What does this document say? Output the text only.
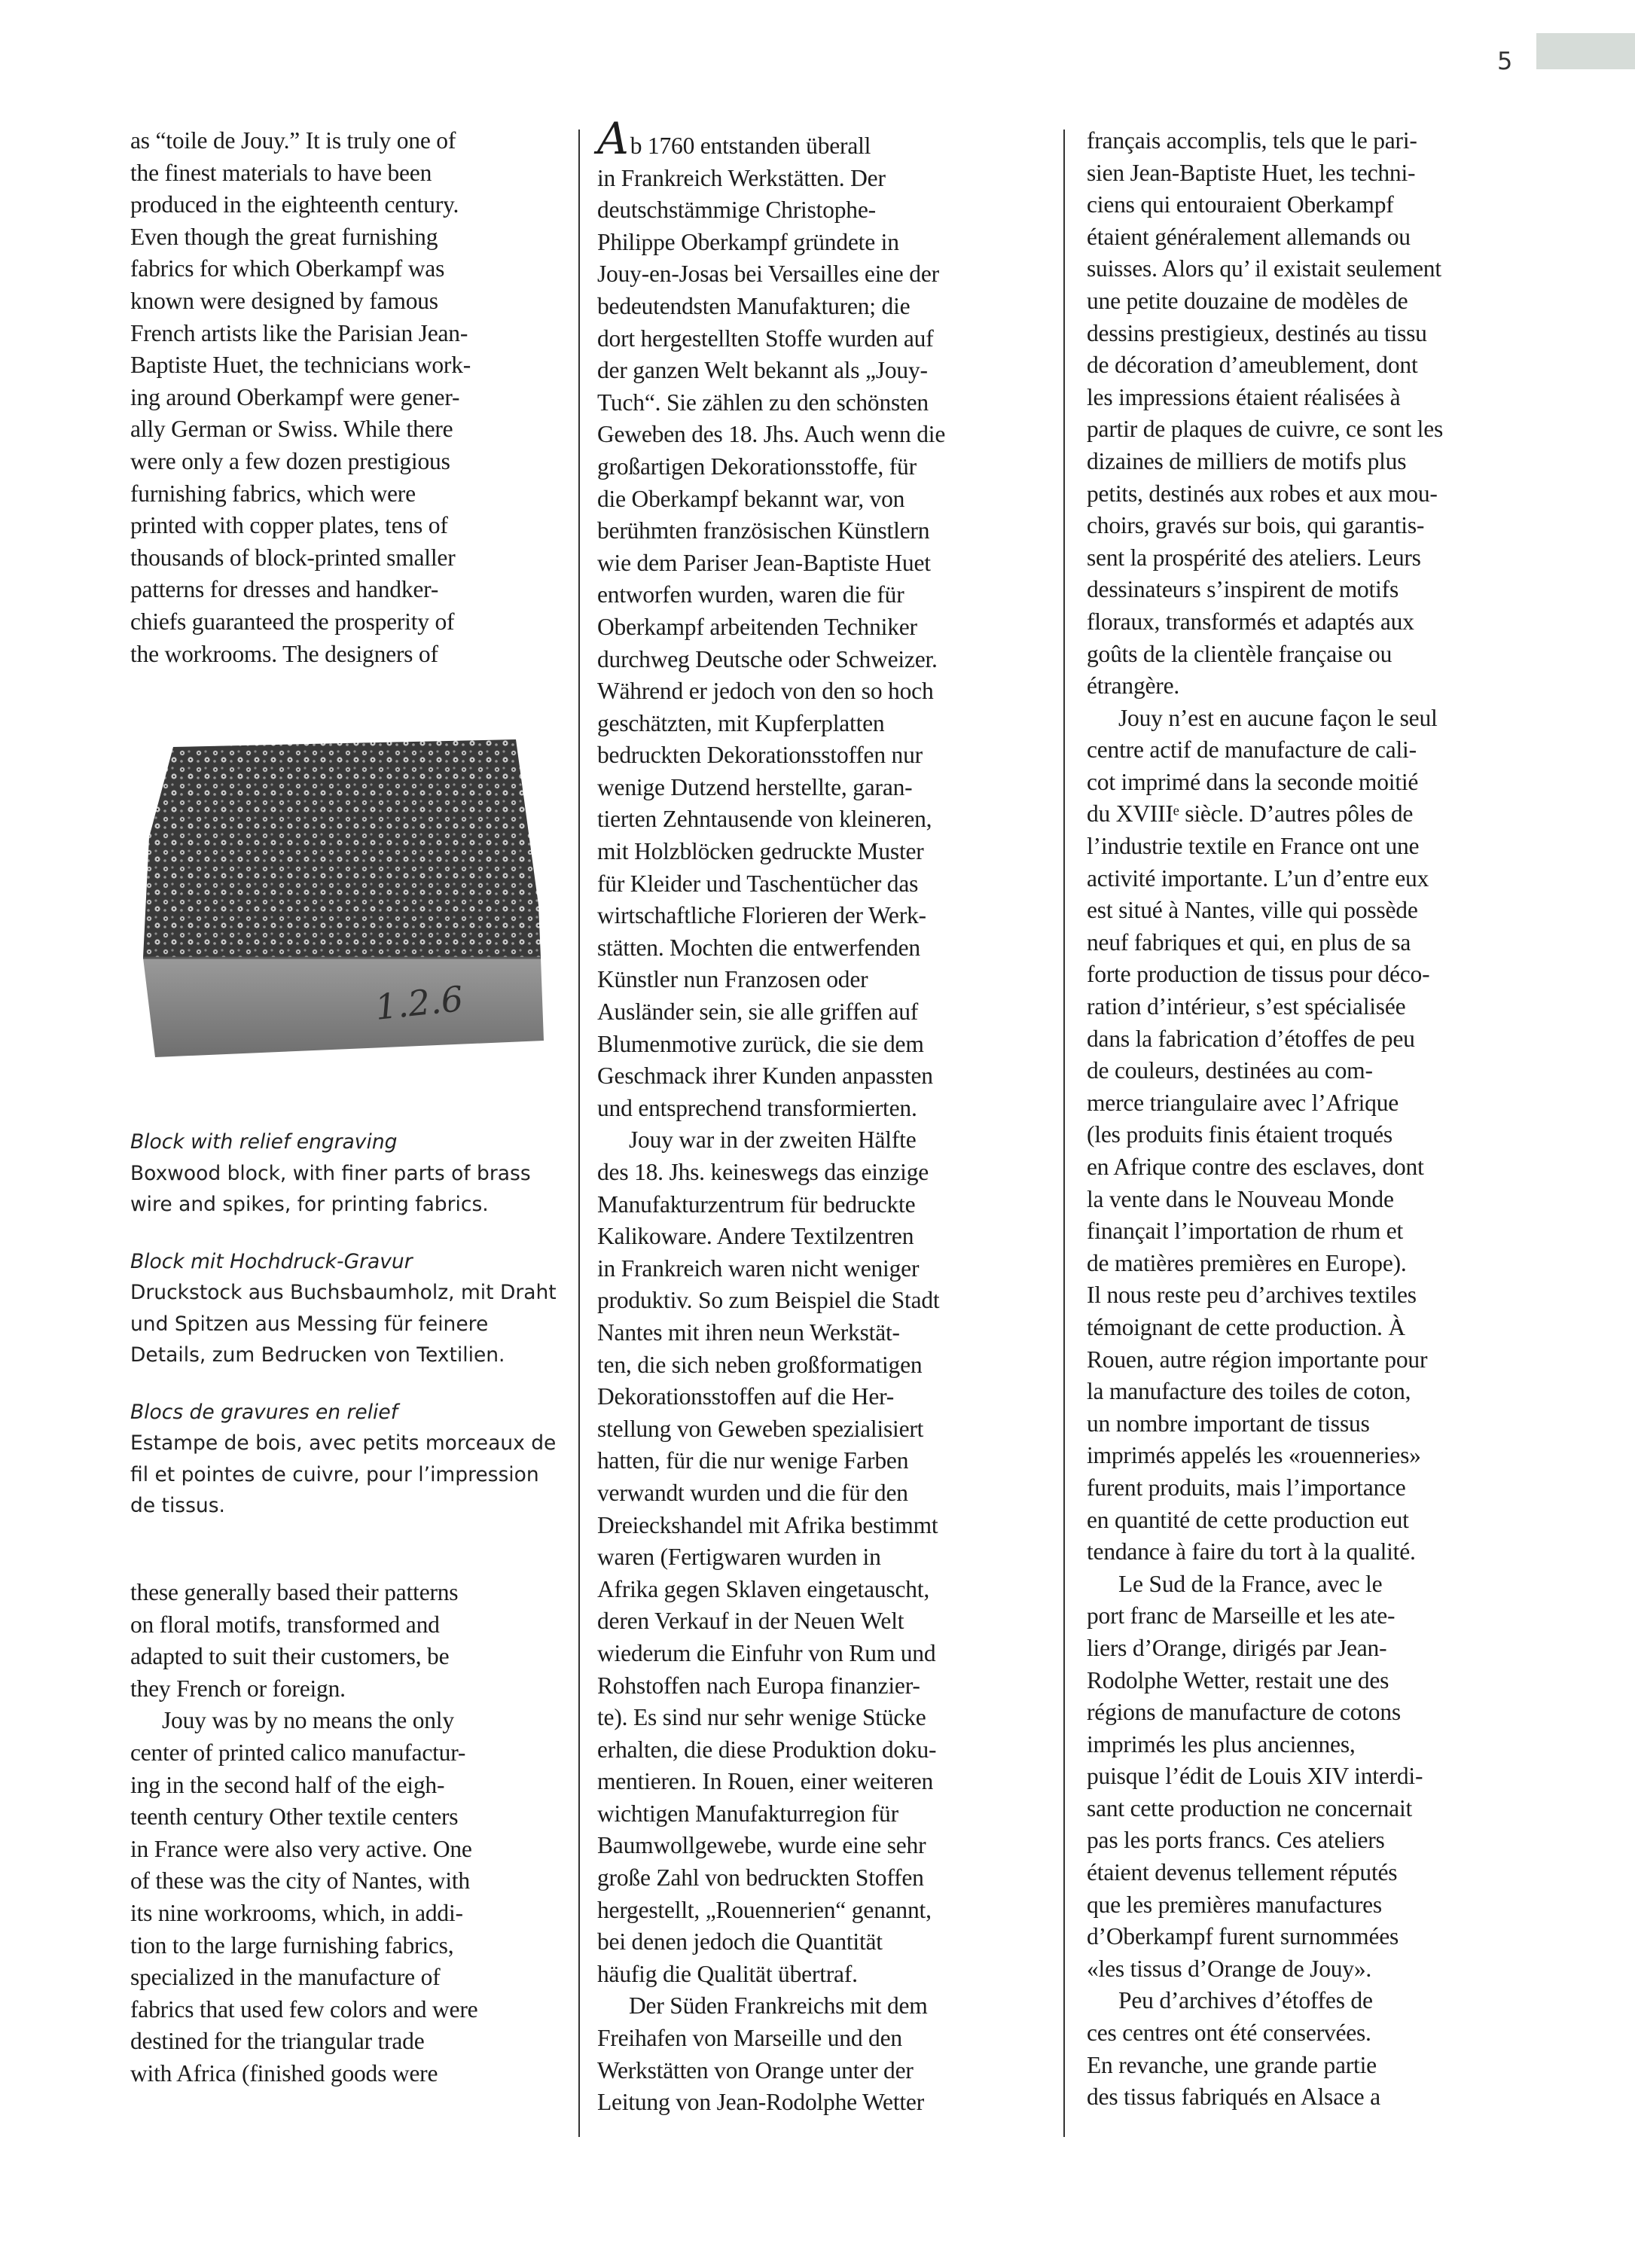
5
as “toile de Jouy.” It is truly one of
the finest materials to have been
produced in the eighteenth century.
Even though the great furnishing
fabrics for which Oberkampf was
known were designed by famous
French artists like the Parisian Jean-
Baptiste Huet, the technicians work-
ing around Oberkampf were gener-
ally German or Swiss. While there
were only a few dozen prestigious
furnishing fabrics, which were
printed with copper plates, tens of
thousands of block-printed smaller
patterns for dresses and handker-
chiefs guaranteed the prosperity of
the workrooms. The designers of
1.2.6
Block with relief engraving
Boxwood block, with finer parts of brass
wire and spikes, for printing fabrics.
Block mit Hochdruck-Gravur
Druckstock aus Buchsbaumholz, mit Draht
und Spitzen aus Messing für feinere
Details, zum Bedrucken von Textilien.
Blocs de gravures en relief
Estampe de bois, avec petits morceaux de
fil et pointes de cuivre, pour l’impression
de tissus.
these generally based their patterns
on floral motifs, transformed and
adapted to suit their customers, be
they French or foreign.
Jouy was by no means the only
center of printed calico manufactur-
ing in the second half of the eigh-
teenth century Other textile centers
in France were also very active. One
of these was the city of Nantes, with
its nine workrooms, which, in addi-
tion to the large furnishing fabrics,
specialized in the manufacture of
fabrics that used few colors and were
destined for the triangular trade
with Africa (finished goods were
Ab 1760 entstanden überall
in Frankreich Werkstätten. Der
deutschstämmige Christophe-
Philippe Oberkampf gründete in
Jouy-en-Josas bei Versailles eine der
bedeutendsten Manufakturen; die
dort hergestellten Stoffe wurden auf
der ganzen Welt bekannt als „Jouy-
Tuch“. Sie zählen zu den schönsten
Geweben des 18. Jhs. Auch wenn die
großartigen Dekorationsstoffe, für
die Oberkampf bekannt war, von
berühmten französischen Künstlern
wie dem Pariser Jean-Baptiste Huet
entworfen wurden, waren die für
Oberkampf arbeitenden Techniker
durchweg Deutsche oder Schweizer.
Während er jedoch von den so hoch
geschätzten, mit Kupferplatten
bedruckten Dekorationsstoffen nur
wenige Dutzend herstellte, garan-
tierten Zehntausende von kleineren,
mit Holzblöcken gedruckte Muster
für Kleider und Taschentücher das
wirtschaftliche Florieren der Werk-
stätten. Mochten die entwerfenden
Künstler nun Franzosen oder
Ausländer sein, sie alle griffen auf
Blumenmotive zurück, die sie dem
Geschmack ihrer Kunden anpassten
und entsprechend transformierten.
Jouy war in der zweiten Hälfte
des 18. Jhs. keineswegs das einzige
Manufakturzentrum für bedruckte
Kalikoware. Andere Textilzentren
in Frankreich waren nicht weniger
produktiv. So zum Beispiel die Stadt
Nantes mit ihren neun Werkstät-
ten, die sich neben großformatigen
Dekorationsstoffen auf die Her-
stellung von Geweben spezialisiert
hatten, für die nur wenige Farben
verwandt wurden und die für den
Dreieckshandel mit Afrika bestimmt
waren (Fertigwaren wurden in
Afrika gegen Sklaven eingetauscht,
deren Verkauf in der Neuen Welt
wiederum die Einfuhr von Rum und
Rohstoffen nach Europa finanzier-
te). Es sind nur sehr wenige Stücke
erhalten, die diese Produktion doku-
mentieren. In Rouen, einer weiteren
wichtigen Manufakturregion für
Baumwollgewebe, wurde eine sehr
große Zahl von bedruckten Stoffen
hergestellt, „Rouennerien“ genannt,
bei denen jedoch die Quantität
häufig die Qualität übertraf.
Der Süden Frankreichs mit dem
Freihafen von Marseille und den
Werkstätten von Orange unter der
Leitung von Jean-Rodolphe Wetter
français accomplis, tels que le pari-
sien Jean-Baptiste Huet, les techni-
ciens qui entouraient Oberkampf
étaient généralement allemands ou
suisses. Alors qu’ il existait seulement
une petite douzaine de modèles de
dessins prestigieux, destinés au tissu
de décoration d’ameublement, dont
les impressions étaient réalisées à
partir de plaques de cuivre, ce sont les
dizaines de milliers de motifs plus
petits, destinés aux robes et aux mou-
choirs, gravés sur bois, qui garantis-
sent la prospérité des ateliers. Leurs
dessinateurs s’inspirent de motifs
floraux, transformés et adaptés aux
goûts de la clientèle française ou
étrangère.
Jouy n’est en aucune façon le seul
centre actif de manufacture de cali-
cot imprimé dans la seconde moitié
du XVIIIᵉ siècle. D’autres pôles de
l’industrie textile en France ont une
activité importante. L’un d’entre eux
est situé à Nantes, ville qui possède
neuf fabriques et qui, en plus de sa
forte production de tissus pour déco-
ration d’intérieur, s’est spécialisée
dans la fabrication d’étoffes de peu
de couleurs, destinées au com-
merce triangulaire avec l’Afrique
(les produits finis étaient troqués
en Afrique contre des esclaves, dont
la vente dans le Nouveau Monde
finançait l’importation de rhum et
de matières premières en Europe).
Il nous reste peu d’archives textiles
témoignant de cette production. À
Rouen, autre région importante pour
la manufacture des toiles de coton,
un nombre important de tissus
imprimés appelés les «rouenneries»
furent produits, mais l’importance
en quantité de cette production eut
tendance à faire du tort à la qualité.
Le Sud de la France, avec le
port franc de Marseille et les ate-
liers d’Orange, dirigés par Jean-
Rodolphe Wetter, restait une des
régions de manufacture de cotons
imprimés les plus anciennes,
puisque l’édit de Louis XIV interdi-
sant cette production ne concernait
pas les ports francs. Ces ateliers
étaient devenus tellement réputés
que les premières manufactures
d’Oberkampf furent surnommées
«les tissus d’Orange de Jouy».
Peu d’archives d’étoffes de
ces centres ont été conservées.
En revanche, une grande partie
des tissus fabriqués en Alsace a
